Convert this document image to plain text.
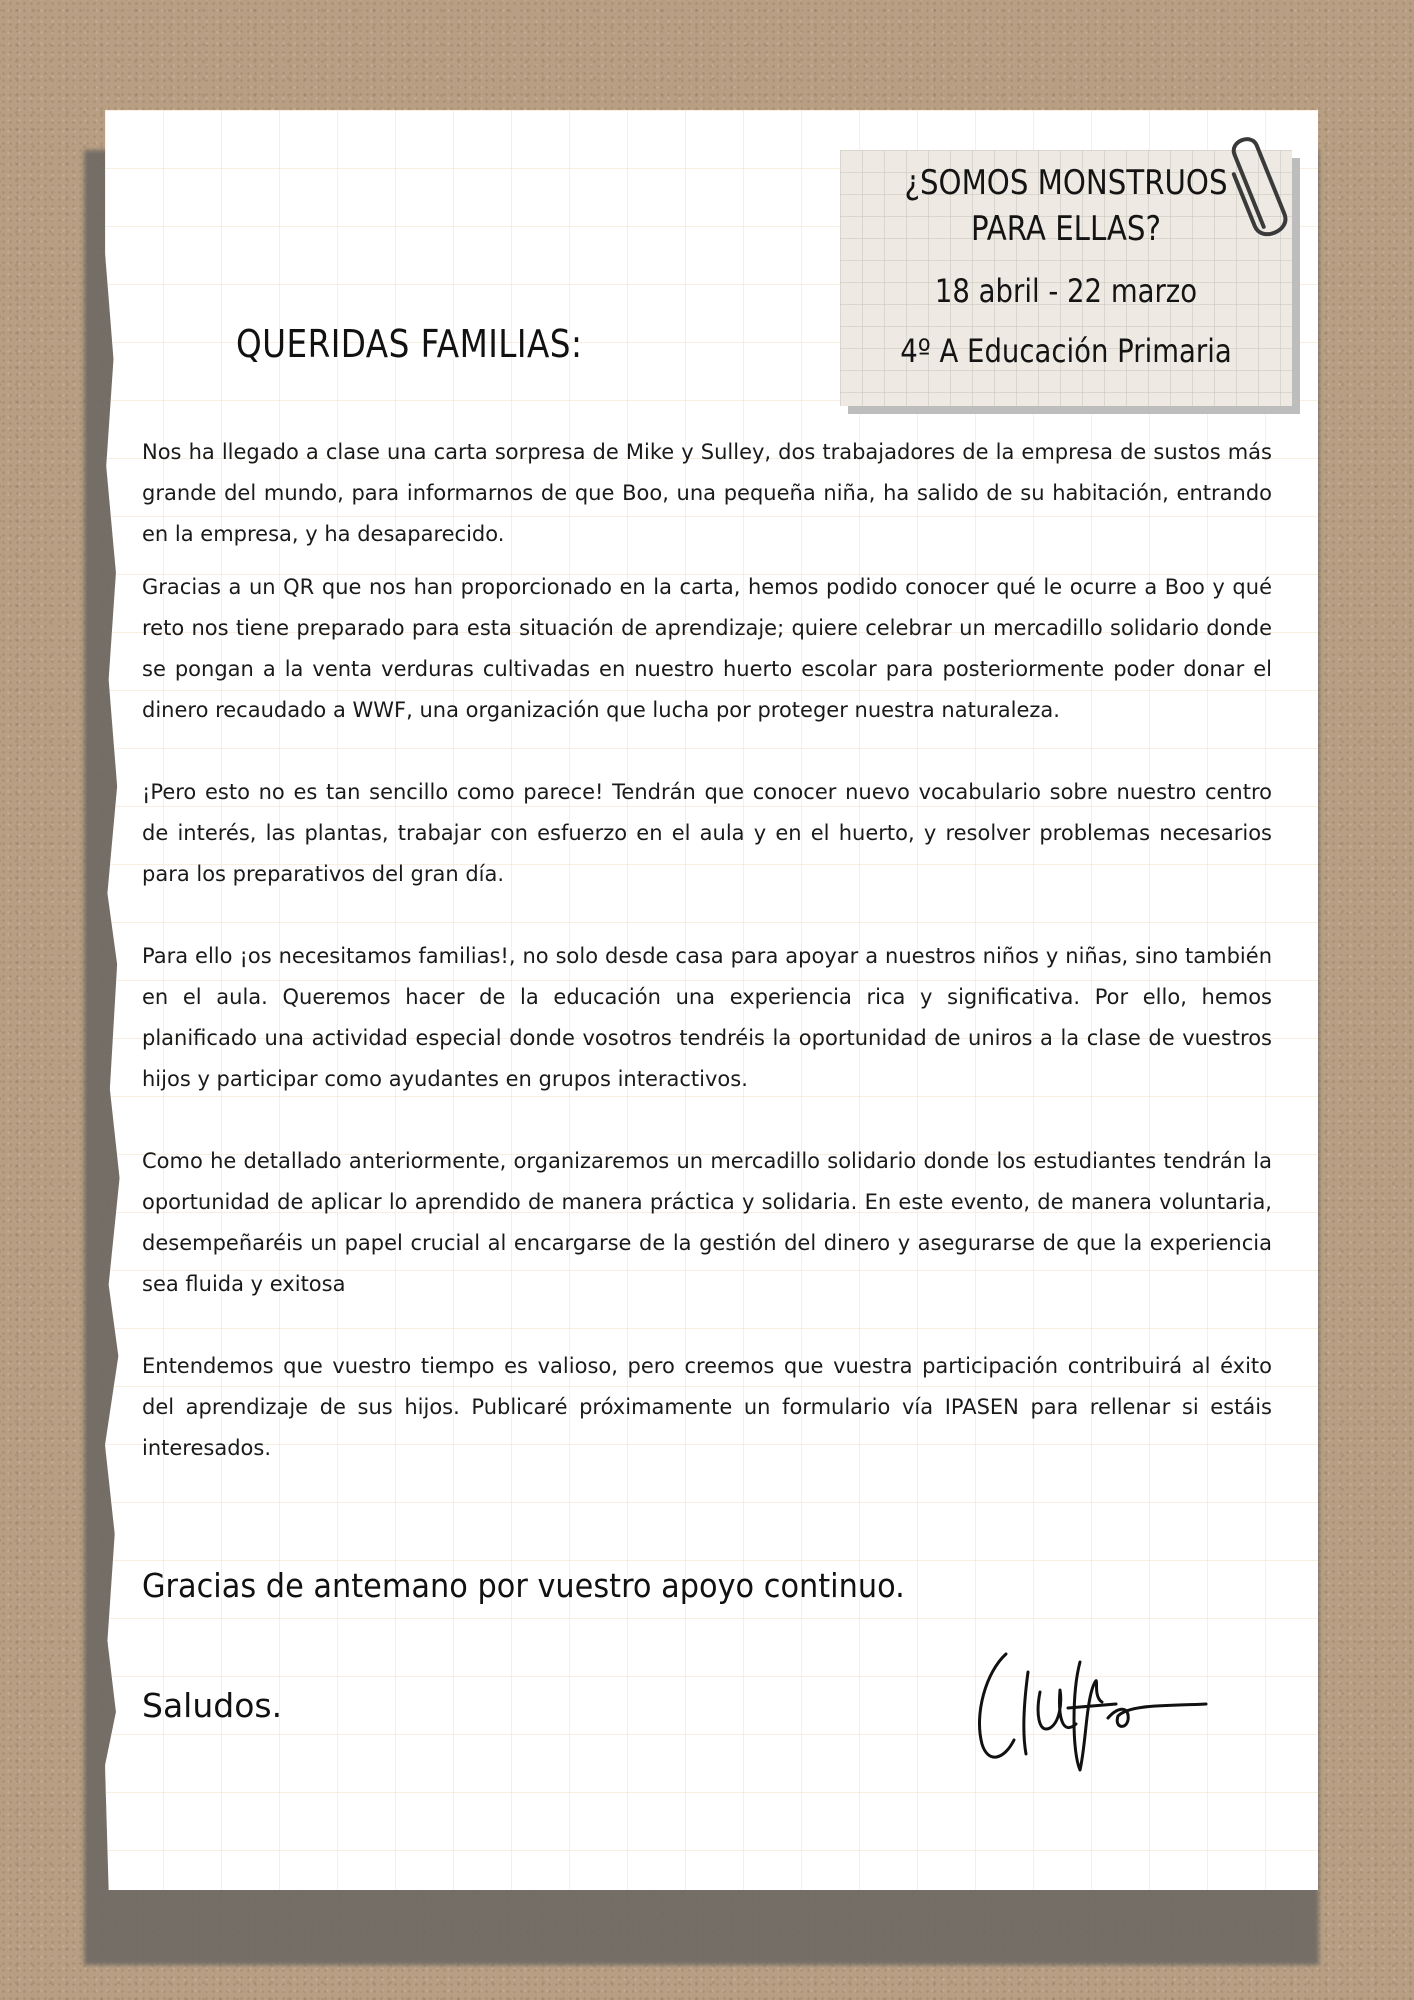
QUERIDAS FAMILIAS:
¿SOMOS MONSTRUOS
PARA ELLAS?
18 abril - 22 marzo
4º A Educación Primaria

Nos ha llegado a clase una carta sorpresa de Mike y Sulley, dos trabajadores de la empresa de sustos más grande del mundo, para informarnos de que Boo, una pequeña niña, ha salido de su habitación, entrando en la empresa, y ha desaparecido.

Gracias a un QR que nos han proporcionado en la carta, hemos podido conocer qué le ocurre a Boo y qué reto nos tiene preparado para esta situación de aprendizaje; quiere celebrar un mercadillo solidario donde se pongan a la venta verduras cultivadas en nuestro huerto escolar para posteriormente poder donar el dinero recaudado a WWF, una organización que lucha por proteger nuestra naturaleza.

¡Pero esto no es tan sencillo como parece! Tendrán que conocer nuevo vocabulario sobre nuestro centro de interés, las plantas, trabajar con esfuerzo en el aula y en el huerto, y resolver problemas necesarios para los preparativos del gran día.

Para ello ¡os necesitamos familias!, no solo desde casa para apoyar a nuestros niños y niñas, sino también en el aula. Queremos hacer de la educación una experiencia rica y significativa. Por ello, hemos planificado una actividad especial donde vosotros tendréis la oportunidad de uniros a la clase de vuestros hijos y participar como ayudantes en grupos interactivos.

Como he detallado anteriormente, organizaremos un mercadillo solidario donde los estudiantes tendrán la oportunidad de aplicar lo aprendido de manera práctica y solidaria. En este evento, de manera voluntaria, desempeñaréis un papel crucial al encargarse de la gestión del dinero y asegurarse de que la experiencia sea fluida y exitosa

Entendemos que vuestro tiempo es valioso, pero creemos que vuestra participación contribuirá al éxito del aprendizaje de sus hijos. Publicaré próximamente un formulario vía IPASEN para rellenar si estáis interesados.

Gracias de antemano por vuestro apoyo continuo.
Saludos.
